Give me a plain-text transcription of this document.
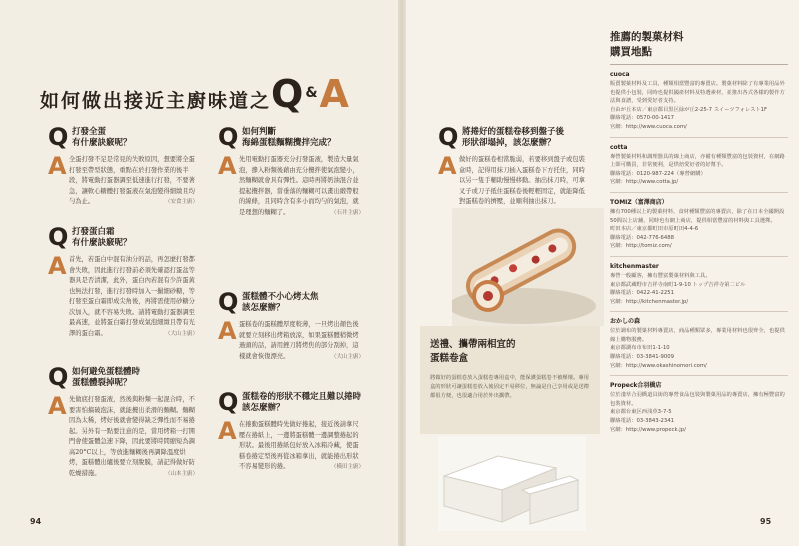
如何做出接近主廚味道之Q&A
Q 打發全蛋
有什麼訣竅呢？
A 全蛋打發不足是常見的失敗原因，想要將全蛋打發至帶型狀態，重點在於打發作業的後半段，將電動打蛋器調至低速進行打發，不要著急，讓軟心糖體打發蛋液在氣泡變得細緻且均勻為止。	（安食主廚）
Q 打發蛋白霜
有什麼訣竅呢？
A 首先，若蛋白中混有油分的話，再怎麼打發都會失敗，因此進行打發前必須先確認打蛋盆等器具是否清潔，此外，蛋白內若混有少許蛋黃也無法打發，進行打發時加入一撮細砂糖，等打發至蛋白霜即成尖角後，再將需使用砂糖分次加入，就不容易失敗。請將電動打蛋器調至最高速，並將蛋白霜打發成氣泡細緻且帶有光澤的蛋白霜。	（大山主廚）
Q 如何避免蛋糕體時
蛋糕體裂掉呢？
A 先做底打發蛋液，然後與粉類一起混合時，不要害怕搞破泡沫，就能攪出柔滑的麵糊。麵糊因為太稀，烤好後就會變得缺乏彈性而不易捲起。另外有一點要注意的是，當用烤箱一打開門會使蛋體急速下降，因此要將時間縮短為調高20°C以上，等放進麵糊後再調降溫度烘烤，蛋糕體出爐後要立刻脫膜，請記得做好防乾燥措施。	（山本主廚）
Q 如何判斷
海綿蛋糕麵糊攪拌完成？
A 先用電動打蛋器充分打發蛋液，製造大量氣泡，摻入粉類後藉由充分攪拌使氣泡變小，然麵糊就會具有彈性。這時再將奶油混合並提起攪拌器，當垂落的麵糊可以畫出緞帶般的線條，且同時含有多小而均勻的氣泡，就是理想的麵糊了。	（石井主廚）
Q 蛋糕體不小心烤太焦
該怎麼辦？
A 蛋糕卷的蛋糕體厚度較薄，一旦烤出顏色後就要立刻移出烤箱放涼，如果蛋糕體稍微烤過頭的話，請用銼刀將烤焦的部分刮掉，這樣就會恢復漂亮。	（大山主廚）
Q 蛋糕卷的形狀不穩定且難以捲時
該怎麼辦？
A 在捲動蛋糕體時先做好捲起，接近後請拿尺壓在捲紙上，一邊將蛋糕體一邊調整捲起的形狀。最後用捲紙包好放入冰箱冷藏，使蛋糕卷捲定型後再從冰箱拿出，就能捲出形狀不容易變形的捲。	（橫田主廚）
Q 將捲好的蛋糕卷移到盤子後
形狀卻塌掉，該怎麼辦？
A 做好的蛋糕卷相當脆弱，若要移到盤子或包裝盒時，記得用抹刀插入蛋糕卷下方托住，同時以另一隻手輔助慢慢移動。抽出抹刀時，可拿叉子或刀子抵住蛋糕卷後輕輕固定，就能降低對蛋糕卷的擠壓，並順利抽出抹刀。
送禮、攜帶兩相宜的
蛋糕卷盒

將做好的蛋糕卷放入蛋糕卷專用盒中，能保護蛋糕卷不被壓壞。專用盒的形狀可讓蛋糕卷放入後固定不易移位，無論是自己享用或是送禮都很方便，也很適合用於外出攜帶。

推薦的製菓材料
購買地點
cuoca
販賣製菓材料及工具，種類相當豐富的專賣店。製菓材料除了有專業用品外也提供小包裝，同時也提供國產材料及特選素材，並推出各式各樣的製作方法與食譜，受到愛好者支持。
自由が丘本店／東京都目黒区緑が丘2-25-7 スイーツフォレスト1F
聯絡電話：0570-00-1417
官網：http://www.cuoca.com/
cotta
專營製菓材料和調理器具的線上商店，亦備有種類豐富的包裝資材，在網路上即可購買，非常便利，是烘焙愛好者的好幫手。
聯絡電話：0120-987-224（專營網購）
官網：http://www.cotta.jp/
TOMIZ（富澤商店）
擁有700種以上的製菓材料，食材種類豐富的專賣店，除了在日本全國開設50間以上店舖，同時也有網上商店，提供相當豐富的材料與工具選擇。
町田本店／東京都町田市原町田4-4-6
聯絡電話：042-776-6488
官網：http://tomiz.com/
kitchenmaster
專營一般顧客，擁有豐富製菓材料與工具。
東京都武蔵野市吉祥寺南町1-9-10 トップ吉祥寺第二ビル
聯絡電話：0422-41-2251
官網：http://kitchenmaster.jp/
おかしの森
位於調布的製菓材料專賣店，商品種類眾多，專業用材料也很齊全，也提供線上購物服務。
東京都調布市布田1-1-10
聯絡電話：03-3841-9009
官網：http://www.okashinomori.com/
Propeck合羽橋店
位於淺草合羽橋道具街的專營食品包裝與製菓用品的專賣店，擁有極豐富的包裝資材。
東京都台東区西浅草3-7-5
聯絡電話：03-3843-2341
官網：http://www.propeck.jp/
94	95
